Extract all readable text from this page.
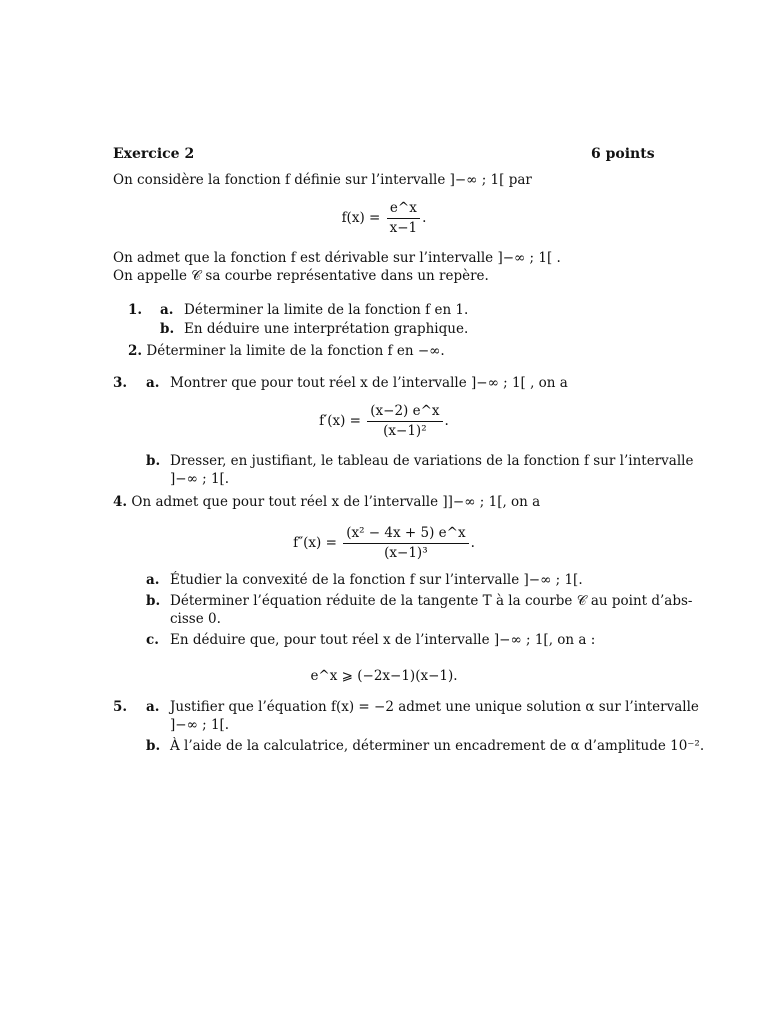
Exercice 2	6 points
On considère la fonction f définie sur l’intervalle ]−∞ ; 1[ par
$f(x) = \frac{e\^{}x}{x-1}$ .
On admet que la fonction f est dérivable sur l’intervalle ]−∞ ; 1[ .
On appelle 𝒞 sa courbe représentative dans un repère.
1. a. Déterminer la limite de la fonction f en 1.
b. En déduire une interprétation graphique.
2. Déterminer la limite de la fonction f en −∞.
3. a. Montrer que pour tout réel x de l’intervalle ]−∞ ; 1[ , on a
$f'(x) = \frac{(x-2) e\^{}x}{\text{(x−1)²}}$ .
b. Dresser, en justifiant, le tableau de variations de la fonction f sur l’intervalle
]−∞ ; 1[.
4. On admet que pour tout réel x de l’intervalle ]]−∞ ; 1[, on a
$f''(x) = \frac{\text{(x² − 4x + 5) e\textasciicircum{}x}}{\text{(x−1)³}}$ .
a. Étudier la convexité de la fonction f sur l’intervalle ]−∞ ; 1[.
b. Déterminer l’équation réduite de la tangente T à la courbe 𝒞 au point d’abs-
cisse 0.
c. En déduire que, pour tout réel x de l’intervalle ]−∞ ; 1[, on a :
e^x ⩾ (−2x−1)(x−1).
5. a. Justifier que l’équation f(x) = −2 admet une unique solution α sur l’intervalle
]−∞ ; 1[.
b. À l’aide de la calculatrice, déterminer un encadrement de α d’amplitude 10⁻².
